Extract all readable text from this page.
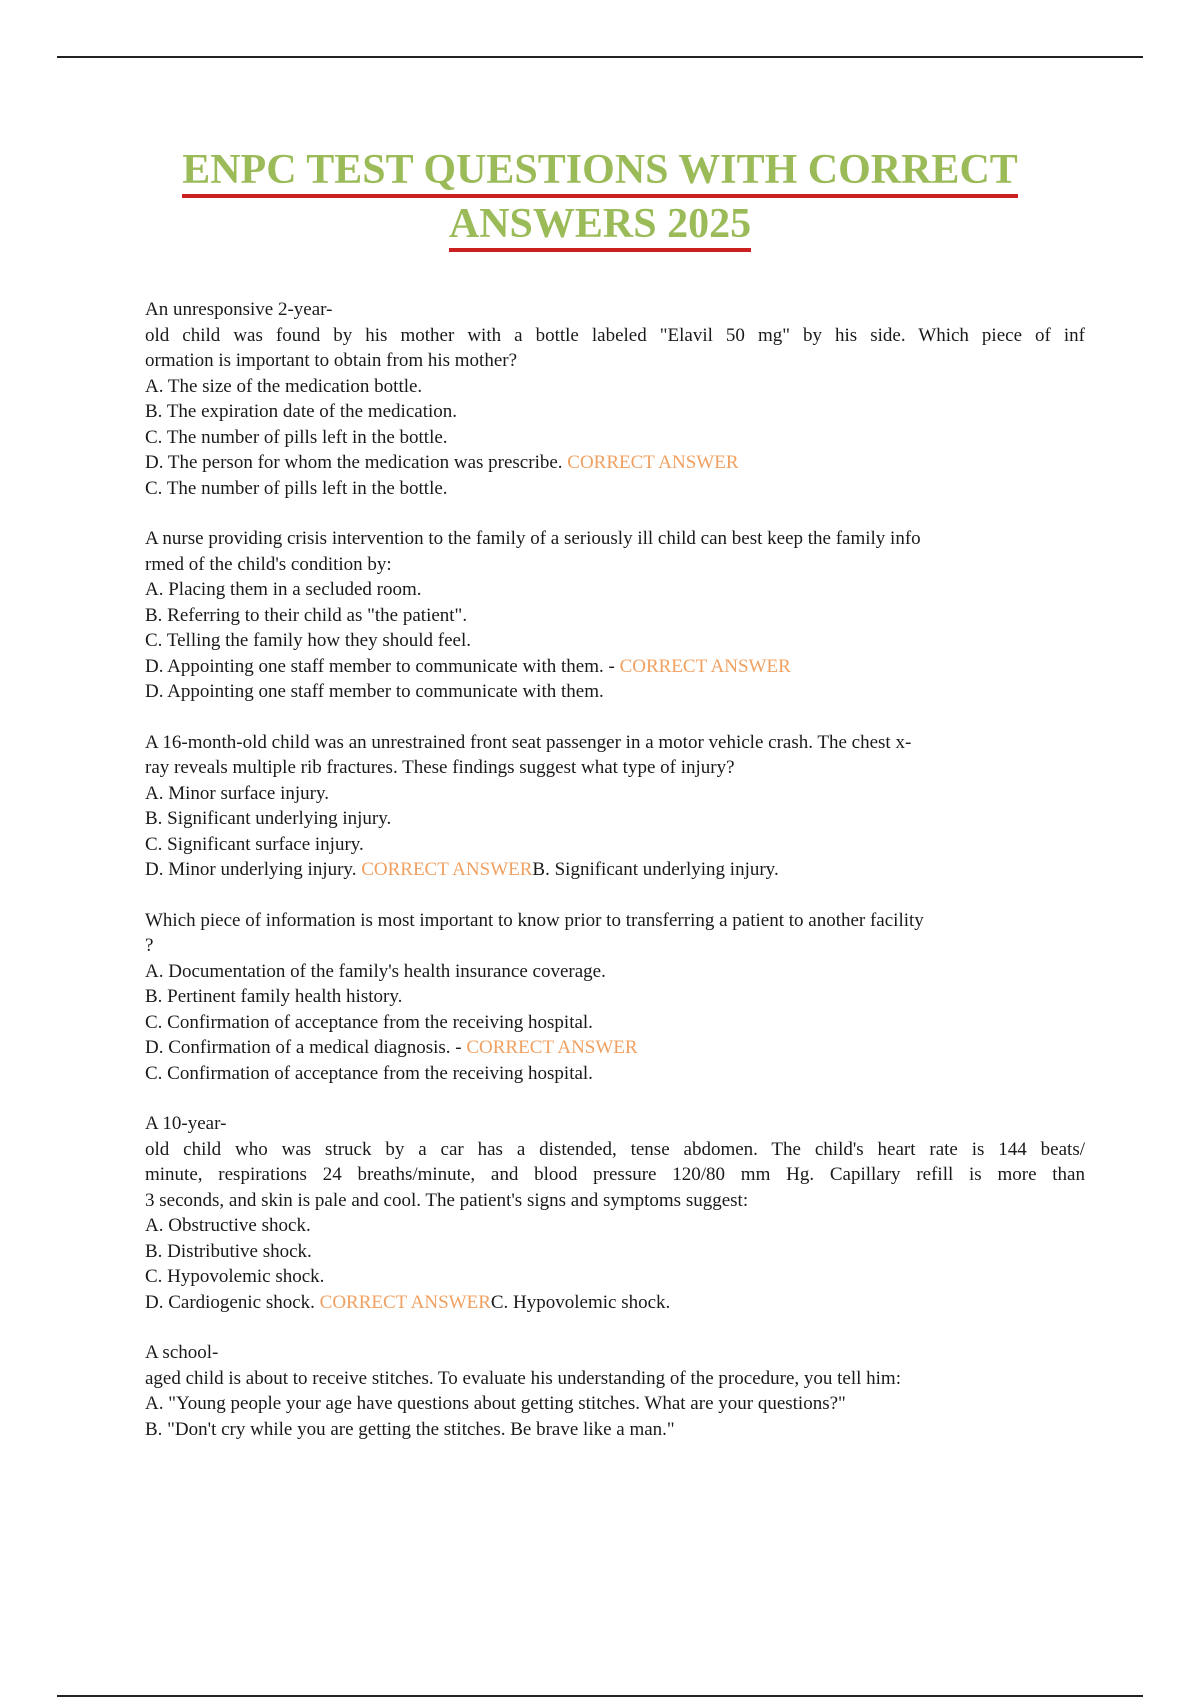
ENPC TEST QUESTIONS WITH CORRECT
ANSWERS 2025
An unresponsive 2-year-
old child was found by his mother with a bottle labeled "Elavil 50 mg" by his side. Which piece of inf
ormation is important to obtain from his mother?
A. The size of the medication bottle.
B. The expiration date of the medication.
C. The number of pills left in the bottle.
D. The person for whom the medication was prescribe. CORRECT ANSWER
C. The number of pills left in the bottle.
A nurse providing crisis intervention to the family of a seriously ill child can best keep the family info
rmed of the child's condition by:
A. Placing them in a secluded room.
B. Referring to their child as "the patient".
C. Telling the family how they should feel.
D. Appointing one staff member to communicate with them. - CORRECT ANSWER
D. Appointing one staff member to communicate with them.
A 16-month-old child was an unrestrained front seat passenger in a motor vehicle crash. The chest x-
ray reveals multiple rib fractures. These findings suggest what type of injury?
A. Minor surface injury.
B. Significant underlying injury.
C. Significant surface injury.
D. Minor underlying injury. CORRECT ANSWERB. Significant underlying injury.
Which piece of information is most important to know prior to transferring a patient to another facility
?
A. Documentation of the family's health insurance coverage.
B. Pertinent family health history.
C. Confirmation of acceptance from the receiving hospital.
D. Confirmation of a medical diagnosis. - CORRECT ANSWER
C. Confirmation of acceptance from the receiving hospital.
A 10-year-
old child who was struck by a car has a distended, tense abdomen. The child's heart rate is 144 beats/
minute, respirations 24 breaths/minute, and blood pressure 120/80 mm Hg. Capillary refill is more than
3 seconds, and skin is pale and cool. The patient's signs and symptoms suggest:
A. Obstructive shock.
B. Distributive shock.
C. Hypovolemic shock.
D. Cardiogenic shock. CORRECT ANSWERC. Hypovolemic shock.
A school-
aged child is about to receive stitches. To evaluate his understanding of the procedure, you tell him:
A. "Young people your age have questions about getting stitches. What are your questions?"
B. "Don't cry while you are getting the stitches. Be brave like a man."
